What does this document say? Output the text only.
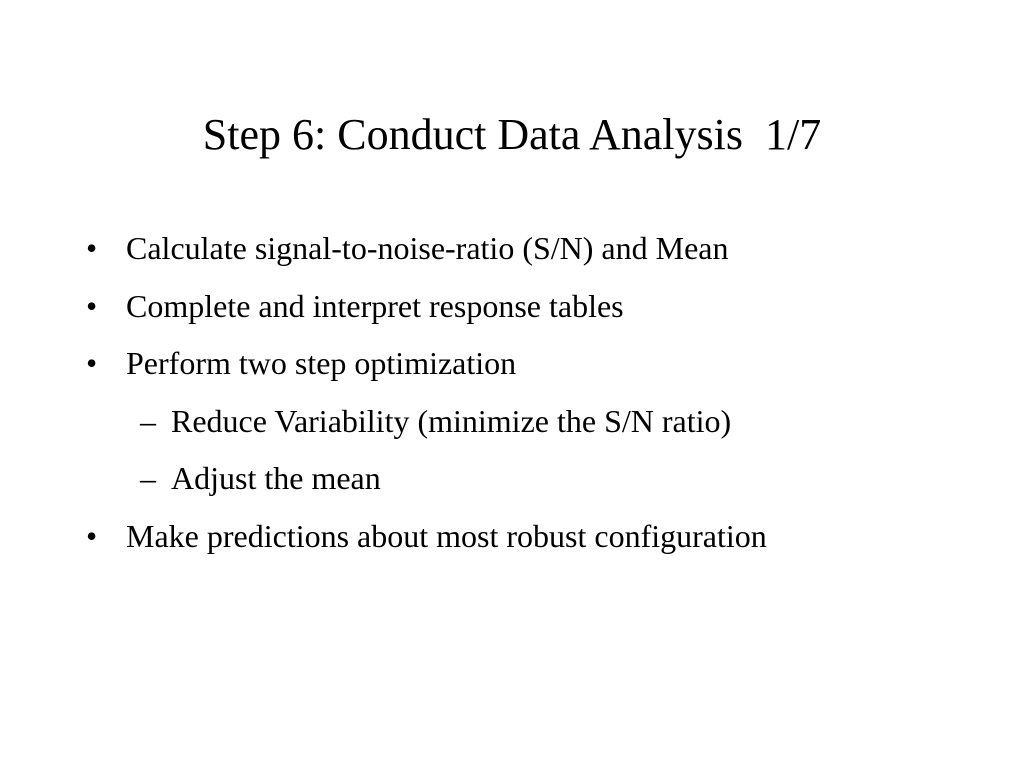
Step 6: Conduct Data Analysis  1/7
• Calculate signal-to-noise-ratio (S/N) and Mean
• Complete and interpret response tables
• Perform two step optimization
– Reduce Variability (minimize the S/N ratio)
– Adjust the mean
• Make predictions about most robust configuration
